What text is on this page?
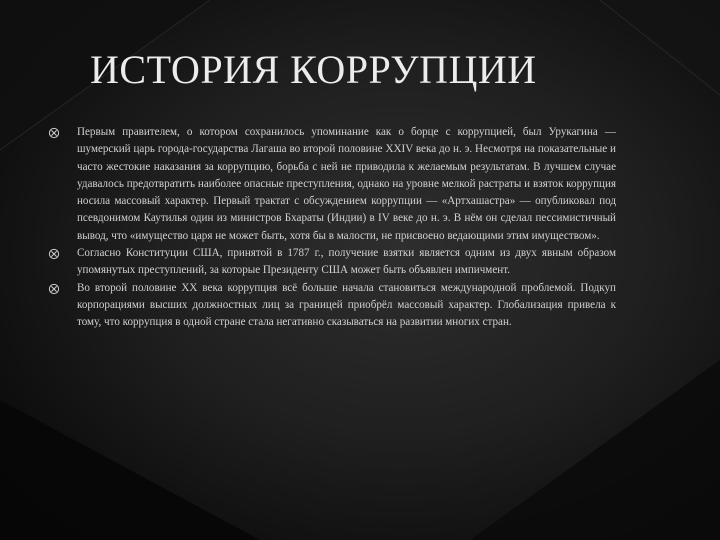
ИСТОРИЯ КОРРУПЦИИ
Первым правителем, о котором сохранилось упоминание как о борце с коррупцией, был Урукагина — шумерский царь города-государства Лагаша во второй половине XXIV века до н. э. Несмотря на показательные и часто жестокие наказания за коррупцию, борьба с ней не приводила к желаемым результатам. В лучшем случае удавалось предотвратить наиболее опасные преступления, однако на уровне мелкой растраты и взяток коррупция носила массовый характер. Первый трактат с обсуждением коррупции — «Артхашастра» — опубликовал под псевдонимом Каутилья один из министров Бхараты (Индии) в IV веке до н. э. В нём он сделал пессимистичный вывод, что «имущество царя не может быть, хотя бы в малости, не присвоено ведающими этим имуществом».
Согласно Конституции США, принятой в 1787 г., получение взятки является одним из двух явным образом упомянутых преступлений, за которые Президенту США может быть объявлен импичмент.
Во второй половине XX века коррупция всё больше начала становиться международной проблемой. Подкуп корпорациями высших должностных лиц за границей приобрёл массовый характер. Глобализация привела к тому, что коррупция в одной стране стала негативно сказываться на развитии многих стран.
